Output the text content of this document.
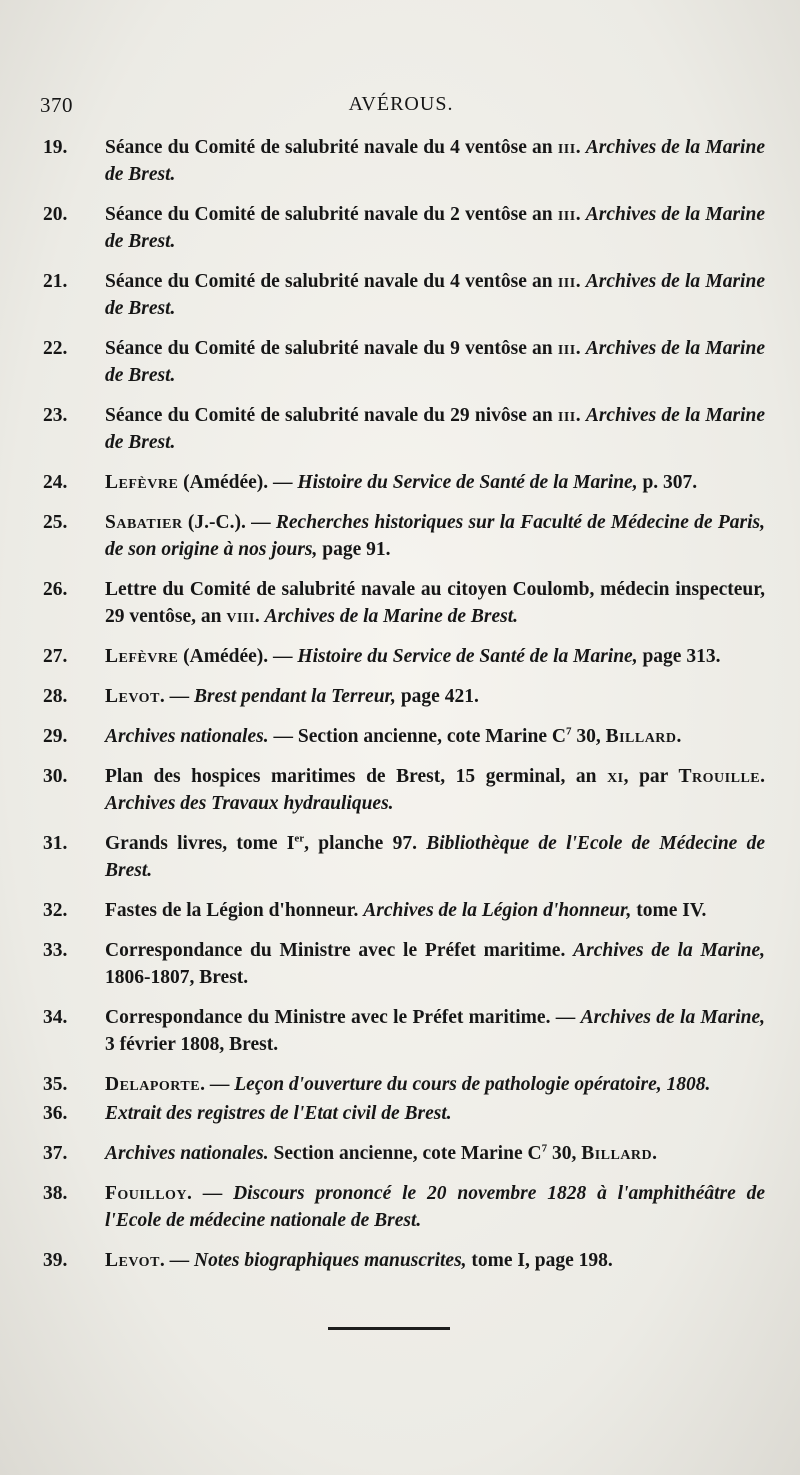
370	AVÉROUS.
19.	Séance du Comité de salubrité navale du 4 ventôse an iii. Archives de la Marine de Brest.
20.	Séance du Comité de salubrité navale du 2 ventôse an iii. Archives de la Marine de Brest.
21.	Séance du Comité de salubrité navale du 4 ventôse an iii. Archives de la Marine de Brest.
22.	Séance du Comité de salubrité navale du 9 ventôse an iii. Archives de la Marine de Brest.
23.	Séance du Comité de salubrité navale du 29 nivôse an iii. Archives de la Marine de Brest.
24.	Lefèvre (Amédée). — Histoire du Service de Santé de la Marine, p. 307.
25.	Sabatier (J.-C.). — Recherches historiques sur la Faculté de Médecine de Paris, de son origine à nos jours, page 91.
26.	Lettre du Comité de salubrité navale au citoyen Coulomb, médecin inspecteur, 29 ventôse, an viii. Archives de la Marine de Brest.
27.	Lefèvre (Amédée). — Histoire du Service de Santé de la Marine, page 313.
28.	Levot. — Brest pendant la Terreur, page 421.
29.	Archives nationales. — Section ancienne, cote Marine $C^7$ 30, Billard.
30.	Plan des hospices maritimes de Brest, 15 germinal, an xi, par Trouille. Archives des Travaux hydrauliques.
31.	Grands livres, tome Ier, planche 97. Bibliothèque de l'Ecole de Médecine de Brest.
32.	Fastes de la Légion d'honneur. Archives de la Légion d'honneur, tome IV.
33.	Correspondance du Ministre avec le Préfet maritime. Archives de la Marine, 1806-1807, Brest.
34.	Correspondance du Ministre avec le Préfet maritime. — Archives de la Marine, 3 février 1808, Brest.
35.	Delaporte. — Leçon d'ouverture du cours de pathologie opératoire, 1808.
36.	Extrait des registres de l'Etat civil de Brest.
37.	Archives nationales. Section ancienne, cote Marine $C^7$ 30, Billard.
38.	Fouilloy. — Discours prononcé le 20 novembre 1828 à l'amphithéâtre de l'Ecole de médecine nationale de Brest.
39.	Levot. — Notes biographiques manuscrites, tome I, page 198.
